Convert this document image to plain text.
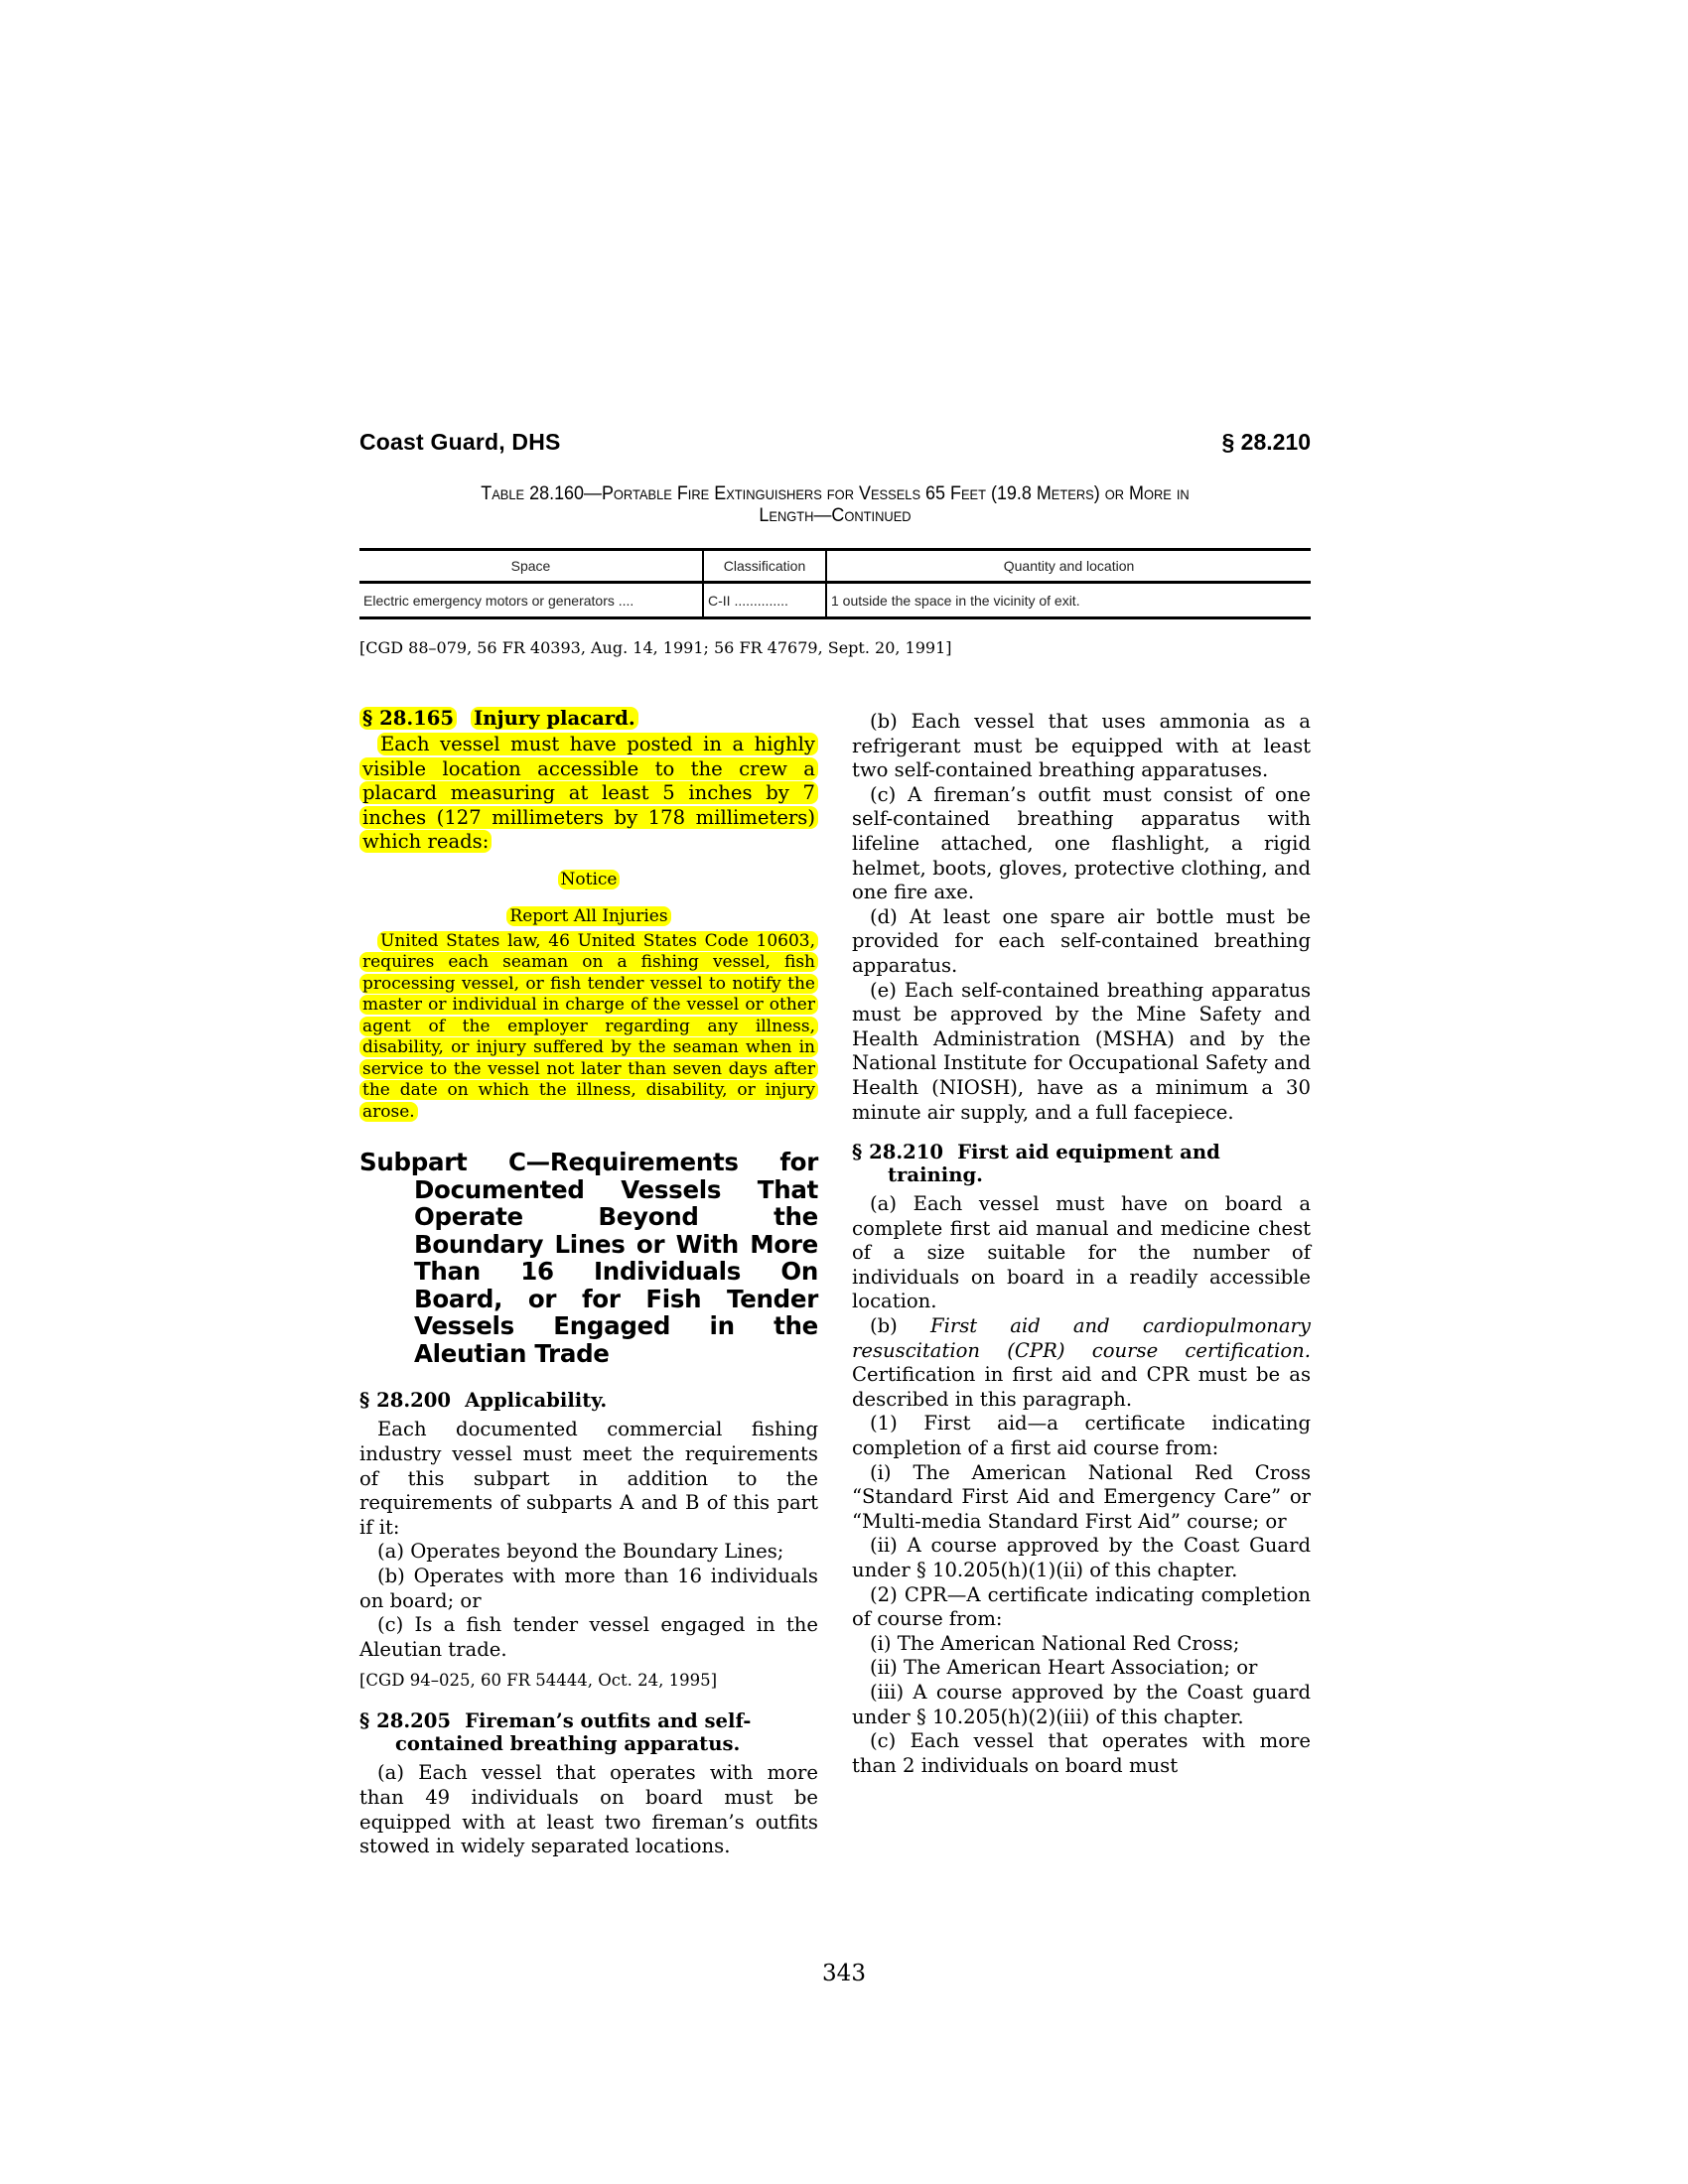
Coast Guard, DHS	§ 28.210
Table 28.160—Portable Fire Extinguishers for Vessels 65 Feet (19.8 Meters) or More in
Length—Continued
Space	Classification	Quantity and location
Electric emergency motors or generators ....	C-II ..............	1 outside the space in the vicinity of exit.
[CGD 88–079, 56 FR 40393, Aug. 14, 1991; 56 FR 47679, Sept. 20, 1991]
§ 28.165 Injury placard.

Each vessel must have posted in a highly visible location accessible to the crew a placard measuring at least 5 inches by 7 inches (127 millimeters by 178 millimeters) which reads:

Notice

Report All Injuries

United States law, 46 United States Code 10603, requires each seaman on a fishing vessel, fish processing vessel, or fish tender vessel to notify the master or individual in charge of the vessel or other agent of the employer regarding any illness, disability, or injury suffered by the seaman when in service to the vessel not later than seven days after the date on which the illness, disability, or injury arose.

Subpart C—Requirements for Documented Vessels That Operate Beyond the Boundary Lines or With More Than 16 Individuals On Board, or for Fish Tender Vessels Engaged in the Aleutian Trade
§ 28.200 Applicability.

Each documented commercial fishing industry vessel must meet the requirements of this subpart in addition to the requirements of subparts A and B of this part if it:

(a) Operates beyond the Boundary Lines;

(b) Operates with more than 16 individuals on board; or

(c) Is a fish tender vessel engaged in the Aleutian trade.

[CGD 94–025, 60 FR 54444, Oct. 24, 1995]

§ 28.205 Fireman’s outfits and self-contained breathing apparatus.

(a) Each vessel that operates with more than 49 individuals on board must be equipped with at least two fireman’s outfits stowed in widely separated locations.

(b) Each vessel that uses ammonia as a refrigerant must be equipped with at least two self-contained breathing apparatuses.

(c) A fireman’s outfit must consist of one self-contained breathing apparatus with lifeline attached, one flashlight, a rigid helmet, boots, gloves, protective clothing, and one fire axe.

(d) At least one spare air bottle must be provided for each self-contained breathing apparatus.

(e) Each self-contained breathing apparatus must be approved by the Mine Safety and Health Administration (MSHA) and by the National Institute for Occupational Safety and Health (NIOSH), have as a minimum a 30 minute air supply, and a full facepiece.

§ 28.210 First aid equipment and training.

(a) Each vessel must have on board a complete first aid manual and medicine chest of a size suitable for the number of individuals on board in a readily accessible location.

(b) First aid and cardiopulmonary resuscitation (CPR) course certification. Certification in first aid and CPR must be as described in this paragraph.

(1) First aid—a certificate indicating completion of a first aid course from:

(i) The American National Red Cross “Standard First Aid and Emergency Care” or “Multi-media Standard First Aid” course; or

(ii) A course approved by the Coast Guard under § 10.205(h)(1)(ii) of this chapter.

(2) CPR—A certificate indicating completion of course from:

(i) The American National Red Cross;

(ii) The American Heart Association; or

(iii) A course approved by the Coast guard under § 10.205(h)(2)(iii) of this chapter.

(c) Each vessel that operates with more than 2 individuals on board must

343
